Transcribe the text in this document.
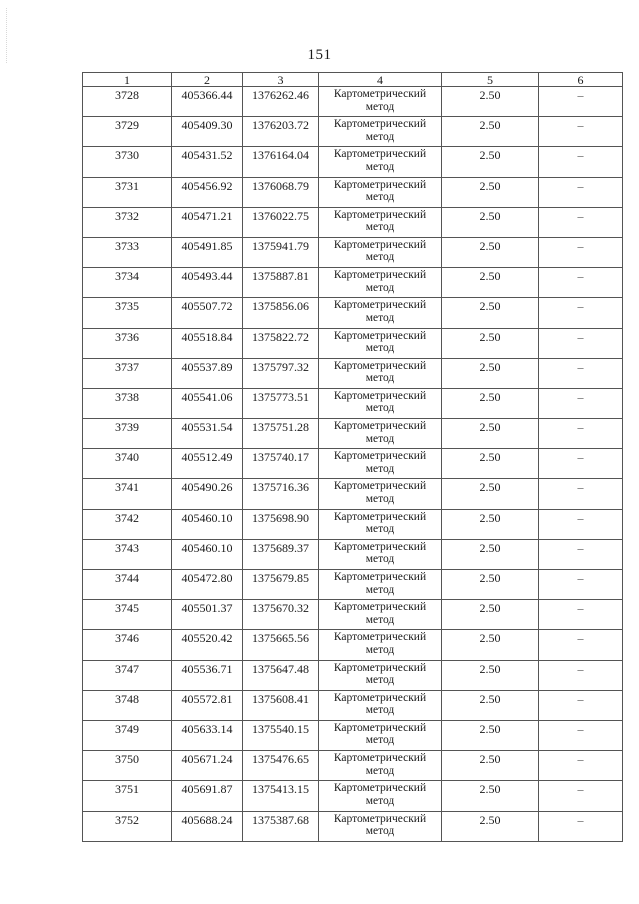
151
1	2	3	4	5	6
3728	405366.44	1376262.46	Картометрический метод	2.50	–
3729	405409.30	1376203.72	Картометрический метод	2.50	–
3730	405431.52	1376164.04	Картометрический метод	2.50	–
3731	405456.92	1376068.79	Картометрический метод	2.50	–
3732	405471.21	1376022.75	Картометрический метод	2.50	–
3733	405491.85	1375941.79	Картометрический метод	2.50	–
3734	405493.44	1375887.81	Картометрический метод	2.50	–
3735	405507.72	1375856.06	Картометрический метод	2.50	–
3736	405518.84	1375822.72	Картометрический метод	2.50	–
3737	405537.89	1375797.32	Картометрический метод	2.50	–
3738	405541.06	1375773.51	Картометрический метод	2.50	–
3739	405531.54	1375751.28	Картометрический метод	2.50	–
3740	405512.49	1375740.17	Картометрический метод	2.50	–
3741	405490.26	1375716.36	Картометрический метод	2.50	–
3742	405460.10	1375698.90	Картометрический метод	2.50	–
3743	405460.10	1375689.37	Картометрический метод	2.50	–
3744	405472.80	1375679.85	Картометрический метод	2.50	–
3745	405501.37	1375670.32	Картометрический метод	2.50	–
3746	405520.42	1375665.56	Картометрический метод	2.50	–
3747	405536.71	1375647.48	Картометрический метод	2.50	–
3748	405572.81	1375608.41	Картометрический метод	2.50	–
3749	405633.14	1375540.15	Картометрический метод	2.50	–
3750	405671.24	1375476.65	Картометрический метод	2.50	–
3751	405691.87	1375413.15	Картометрический метод	2.50	–
3752	405688.24	1375387.68	Картометрический метод	2.50	–
